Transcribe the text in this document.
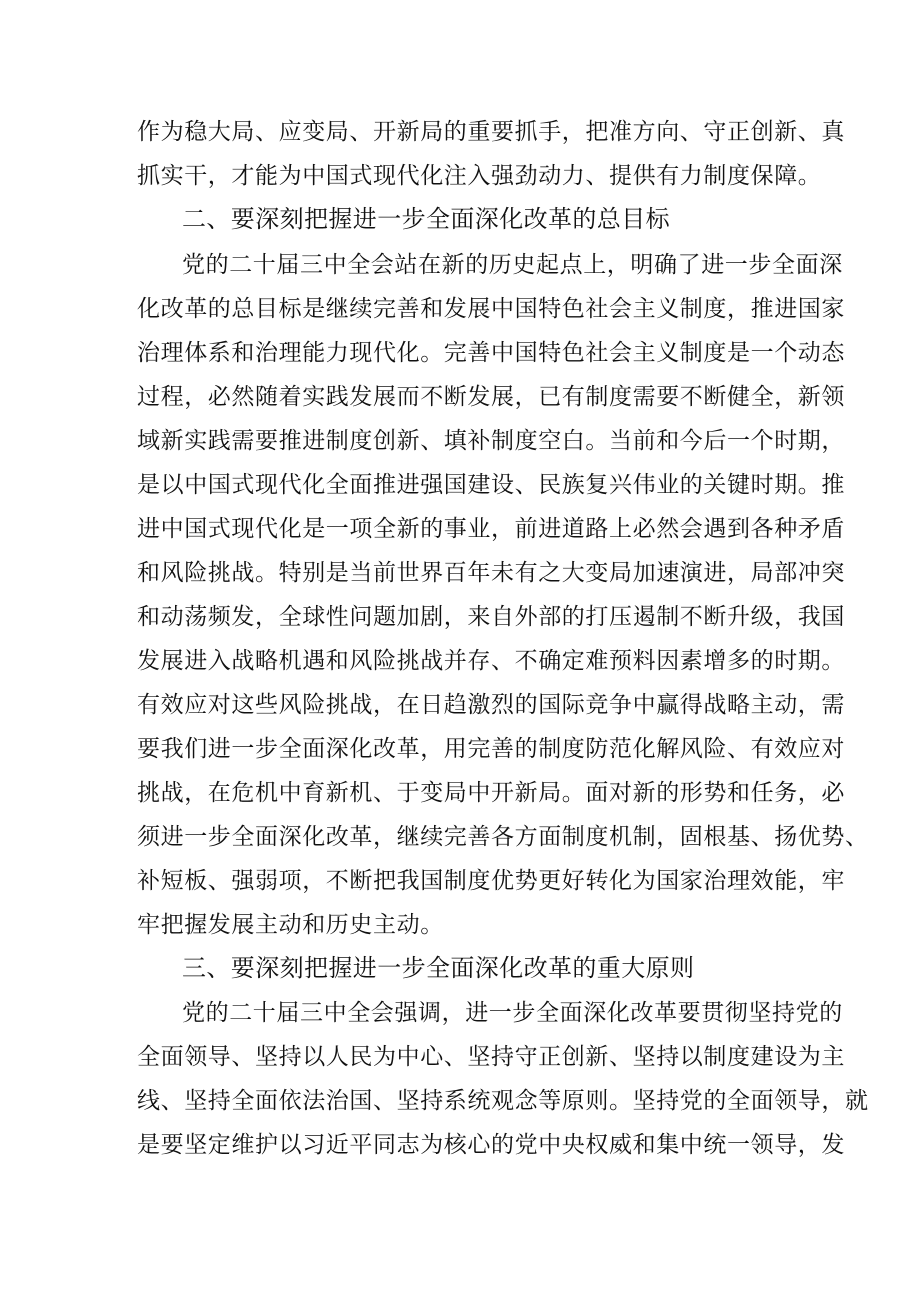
作为稳大局、应变局、开新局的重要抓手，把准方向、守正创新、真
抓实干，才能为中国式现代化注入强劲动力、提供有力制度保障。
二、要深刻把握进一步全面深化改革的总目标
党的二十届三中全会站在新的历史起点上，明确了进一步全面深
化改革的总目标是继续完善和发展中国特色社会主义制度，推进国家
治理体系和治理能力现代化。完善中国特色社会主义制度是一个动态
过程，必然随着实践发展而不断发展，已有制度需要不断健全，新领
域新实践需要推进制度创新、填补制度空白。当前和今后一个时期，
是以中国式现代化全面推进强国建设、民族复兴伟业的关键时期。推
进中国式现代化是一项全新的事业，前进道路上必然会遇到各种矛盾
和风险挑战。特别是当前世界百年未有之大变局加速演进，局部冲突
和动荡频发，全球性问题加剧，来自外部的打压遏制不断升级，我国
发展进入战略机遇和风险挑战并存、不确定难预料因素增多的时期。
有效应对这些风险挑战，在日趋激烈的国际竞争中赢得战略主动，需
要我们进一步全面深化改革，用完善的制度防范化解风险、有效应对
挑战，在危机中育新机、于变局中开新局。面对新的形势和任务，必
须进一步全面深化改革，继续完善各方面制度机制，固根基、扬优势、
补短板、强弱项，不断把我国制度优势更好转化为国家治理效能，牢
牢把握发展主动和历史主动。
三、要深刻把握进一步全面深化改革的重大原则
党的二十届三中全会强调，进一步全面深化改革要贯彻坚持党的
全面领导、坚持以人民为中心、坚持守正创新、坚持以制度建设为主
线、坚持全面依法治国、坚持系统观念等原则。坚持党的全面领导，就
是要坚定维护以习近平同志为核心的党中央权威和集中统一领导，发
